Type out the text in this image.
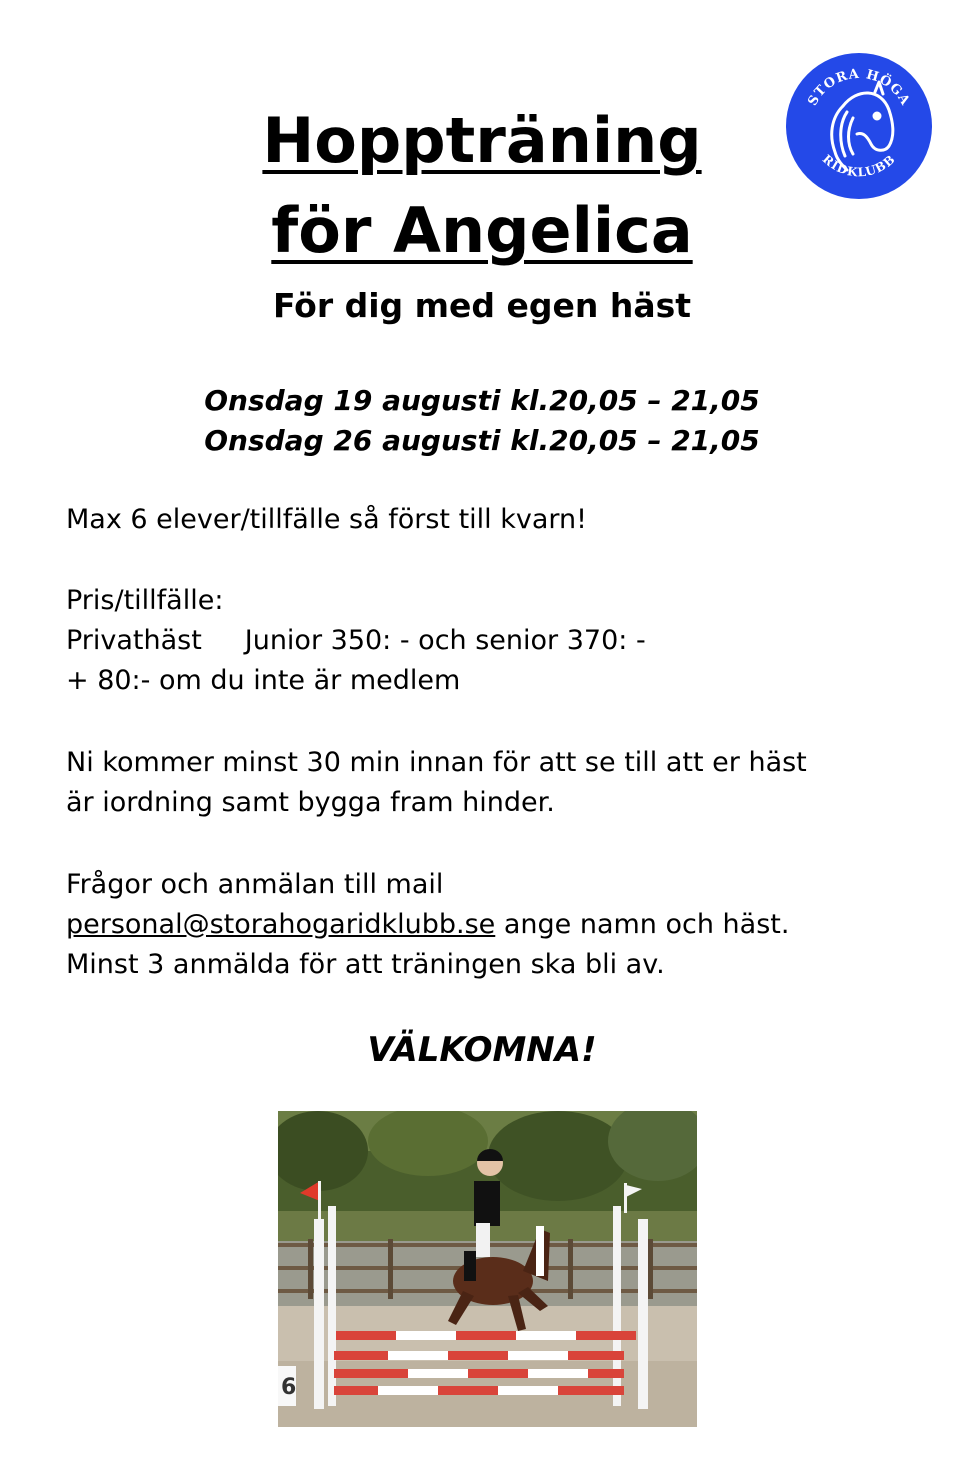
STORA HÖGA
RIDKLUBB
Hoppträning
för Angelica
För dig med egen häst

Onsdag 19 augusti kl.20,05 – 21,05

Onsdag 26 augusti kl.20,05 – 21,05

Max 6 elever/tillfälle så först till kvarn!

Pris/tillfälle:
Privathäst     Junior 350: - och senior 370: -
+ 80:- om du inte är medlem
Ni kommer minst 30 min innan för att se till att er häst
är iordning samt bygga fram hinder.
Frågor och anmälan till mail
personal@storahogaridklubb.se ange namn och häst.
Minst 3 anmälda för att träningen ska bli av.
VÄLKOMNA!
6
